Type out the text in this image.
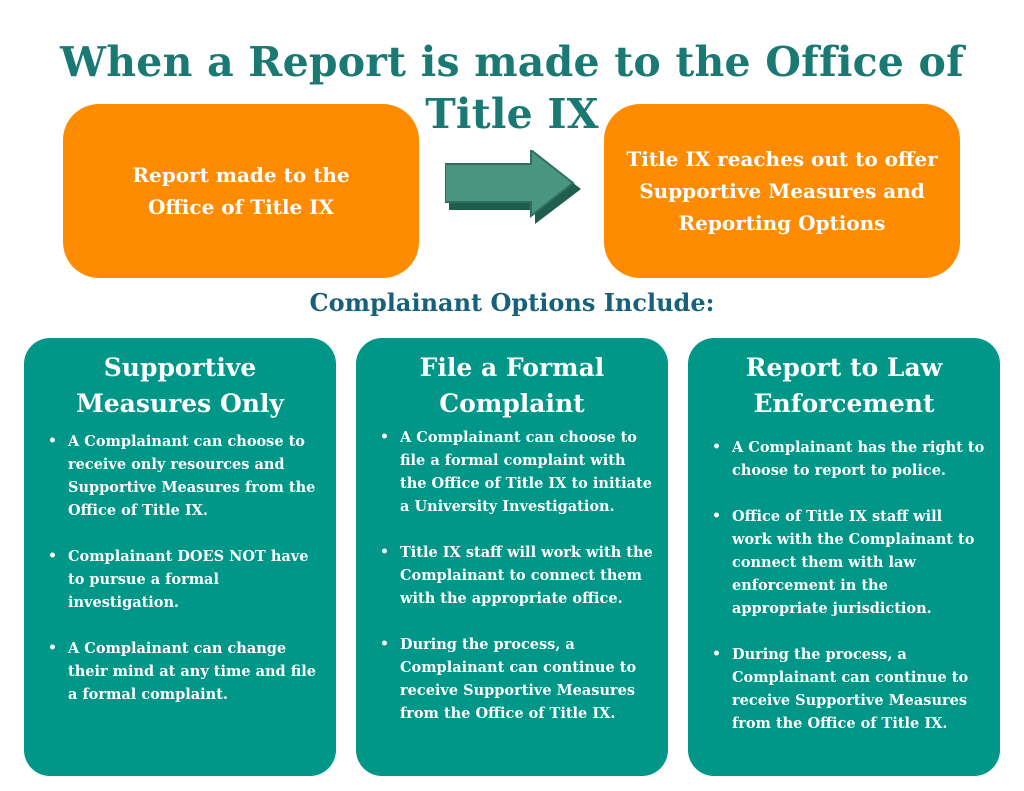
When a Report is made to the Office of Title IX
Report made to the Office of Title IX
Title IX reaches out to offer Supportive Measures and Reporting Options
Complainant Options Include:
Supportive Measures Only
• A Complainant can choose to receive only resources and Supportive Measures from the Office of Title IX.
• Complainant DOES NOT have to pursue a formal investigation.
• A Complainant can change their mind at any time and file a formal complaint.
File a Formal Complaint
• A Complainant can choose to file a formal complaint with the Office of Title IX to initiate a University Investigation.
• Title IX staff will work with the Complainant to connect them with the appropriate office.
• During the process, a Complainant can continue to receive Supportive Measures from the Office of Title IX.
Report to Law Enforcement
• A Complainant has the right to choose to report to police.
• Office of Title IX staff will work with the Complainant to connect them with law enforcement in the appropriate jurisdiction.
• During the process, a Complainant can continue to receive Supportive Measures from the Office of Title IX.
